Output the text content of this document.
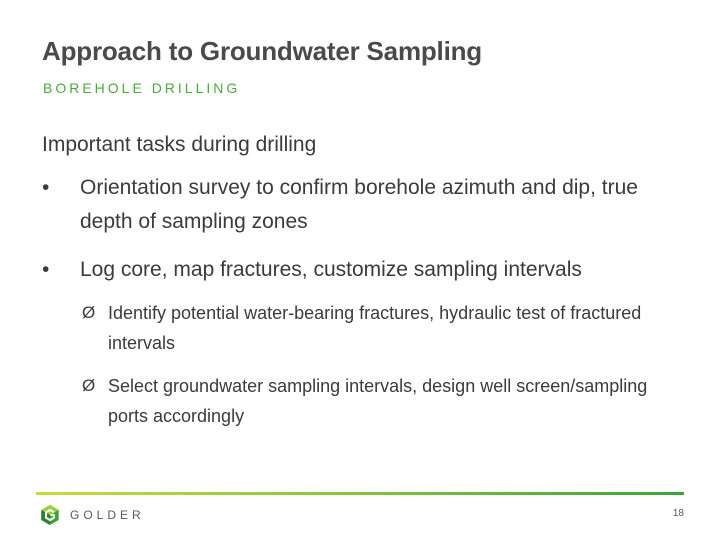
Approach to Groundwater Sampling
BOREHOLE DRILLING
Important tasks during drilling
• Orientation survey to confirm borehole azimuth and dip, true depth of sampling zones
• Log core, map fractures, customize sampling intervals
Ø Identify potential water-bearing fractures, hydraulic test of fractured intervals
Ø Select groundwater sampling intervals, design well screen/sampling ports accordingly
GOLDER	18
